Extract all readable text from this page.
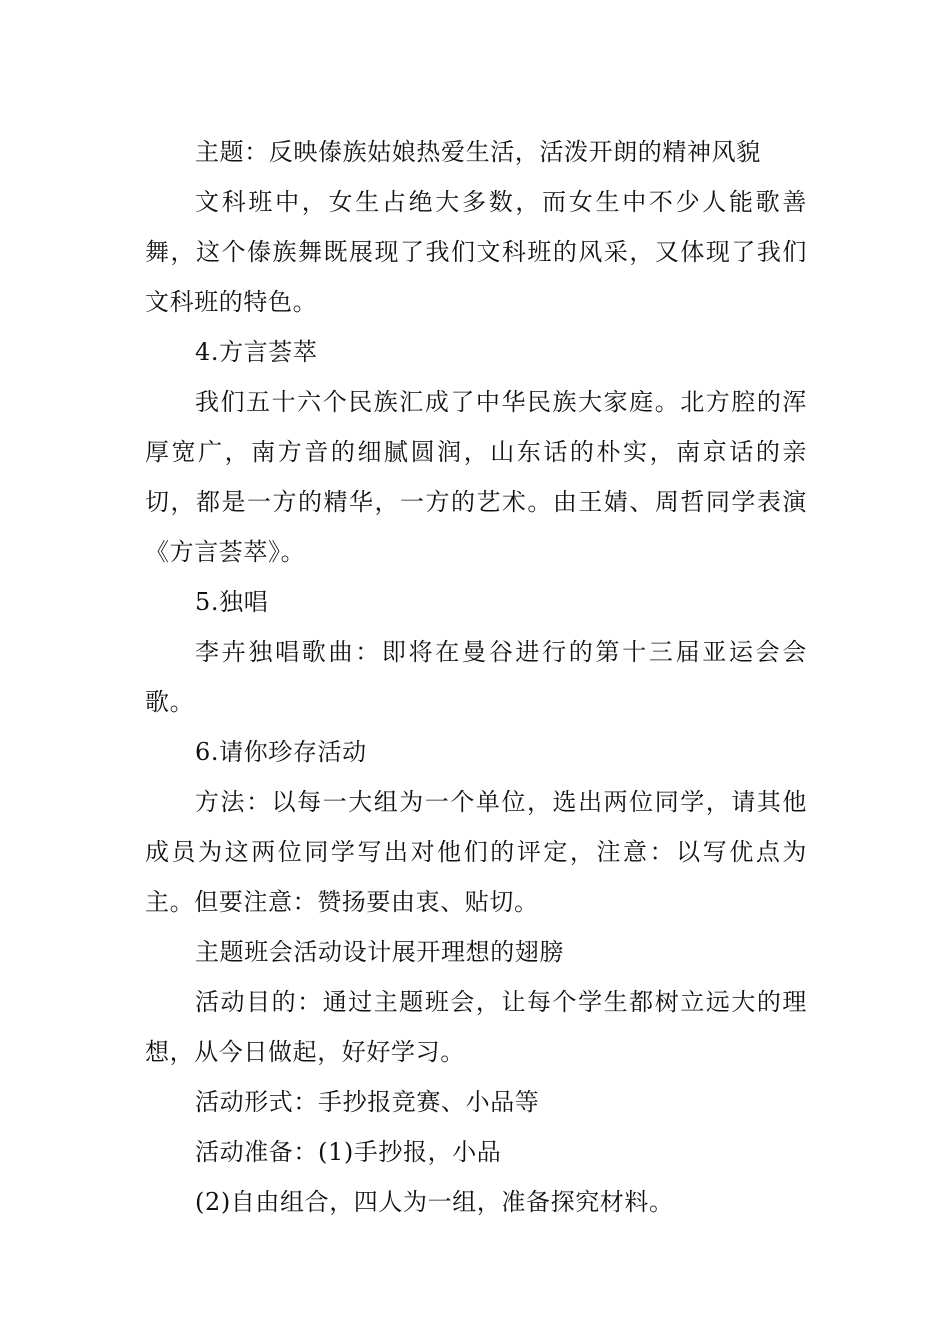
主题：反映傣族姑娘热爱生活，活泼开朗的精神风貌

文科班中，女生占绝大多数，而女生中不少人能歌善舞，这个傣族舞既展现了我们文科班的风采，又体现了我们文科班的特色。

4.方言荟萃

我们五十六个民族汇成了中华民族大家庭。北方腔的浑厚宽广，南方音的细腻圆润，山东话的朴实，南京话的亲切，都是一方的精华，一方的艺术。由王婧、周哲同学表演《方言荟萃》。

5.独唱

李卉独唱歌曲：即将在曼谷进行的第十三届亚运会会歌。

6.请你珍存活动

方法：以每一大组为一个单位，选出两位同学，请其他成员为这两位同学写出对他们的评定，注意：以写优点为主。但要注意：赞扬要由衷、贴切。

主题班会活动设计展开理想的翅膀

活动目的：通过主题班会，让每个学生都树立远大的理想，从今日做起，好好学习。

活动形式：手抄报竞赛、小品等

活动准备：(1)手抄报，小品

(2)自由组合，四人为一组，准备探究材料。
